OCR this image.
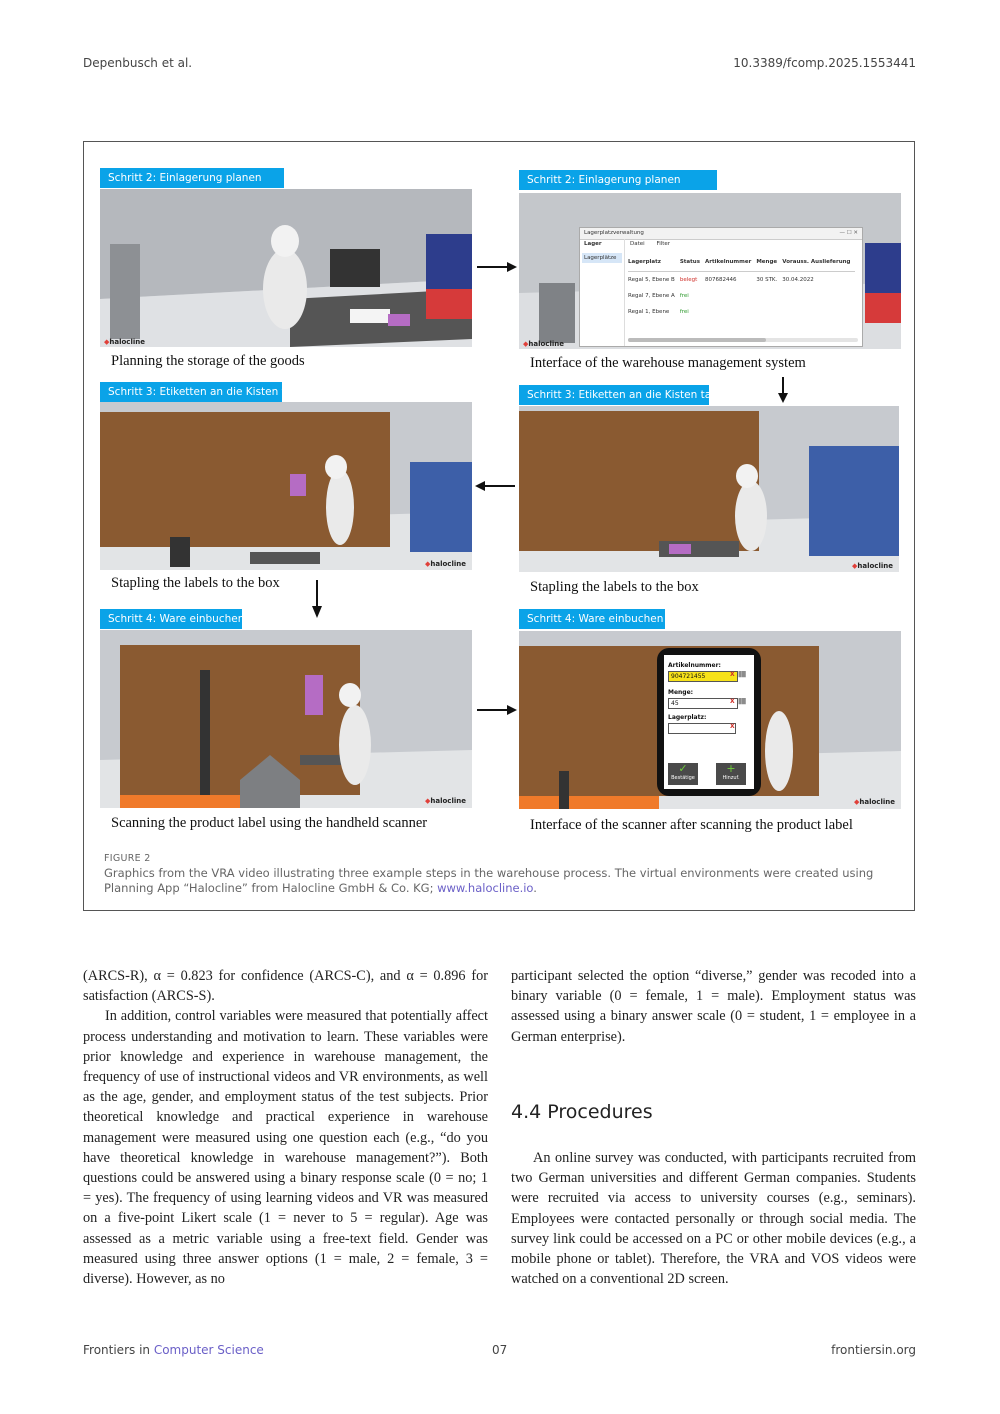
Depenbusch et al.	10.3389/fcomp.2025.1553441
Schritt 2: Einlagerung planen
◆ halocline
Planning the storage of the goods
Schritt 2: Einlagerung planen
Lagerplatzverwaltung	— ☐ ✕
Lager
Lagerplätze
Datei Filter
Lagerplatz	Status	Artikelnummer	Menge	Vorauss. Auslieferung
Regal 5, Ebene B	belegt	807682446	30 STK.	30.04.2022
Regal 7, Ebene A	frei			
Regal 1, Ebene	frei			
◆ halocline
Interface of the warehouse management system
Schritt 3: Etiketten an die Kisten tackern
◆ halocline
Stapling the labels to the box
Schritt 3: Etiketten an die Kisten tackern
◆ halocline
Stapling the labels to the box
Schritt 4: Ware einbuchen
◆ halocline
Scanning the product label using the handheld scanner
Schritt 4: Ware einbuchen
Artikelnummer:
904721455	X |||||||
Menge:
45	X |||||||
Lagerplatz:
X
✓
Bestätige
+
Hinzuf.
◆ halocline
Interface of the scanner after scanning the product label
FIGURE 2
Graphics from the VRA video illustrating three example steps in the warehouse process. The virtual environments were created using Planning App “Halocline” from Halocline GmbH & Co. KG; www.halocline.io.

(ARCS-R), α = 0.823 for confidence (ARCS-C), and α = 0.896 for satisfaction (ARCS-S).

In addition, control variables were measured that potentially affect process understanding and motivation to learn. These variables were prior knowledge and experience in warehouse management, the frequency of use of instructional videos and VR environments, as well as the age, gender, and employment status of the test subjects. Prior theoretical knowledge and practical experience in warehouse management were measured using one question each (e.g., “do you have theoretical knowledge in warehouse management?”). Both questions could be answered using a binary response scale (0 = no; 1 = yes). The frequency of using learning videos and VR was measured on a five-point Likert scale (1 = never to 5 = regular). Age was assessed as a metric variable using a free-text field. Gender was measured using three answer options (1 = male, 2 = female, 3 = diverse). However, as no

participant selected the option “diverse,” gender was recoded into a binary variable (0 = female, 1 = male). Employment status was assessed using a binary answer scale (0 = student, 1 = employee in a German enterprise).

4.4 Procedures

An online survey was conducted, with participants recruited from two German universities and different German companies. Students were recruited via access to university courses (e.g., seminars). Employees were contacted personally or through social media. The survey link could be accessed on a PC or other mobile devices (e.g., a mobile phone or tablet). Therefore, the VRA and VOS videos were watched on a conventional 2D screen.

Frontiers in Computer Science	07	frontiersin.org
